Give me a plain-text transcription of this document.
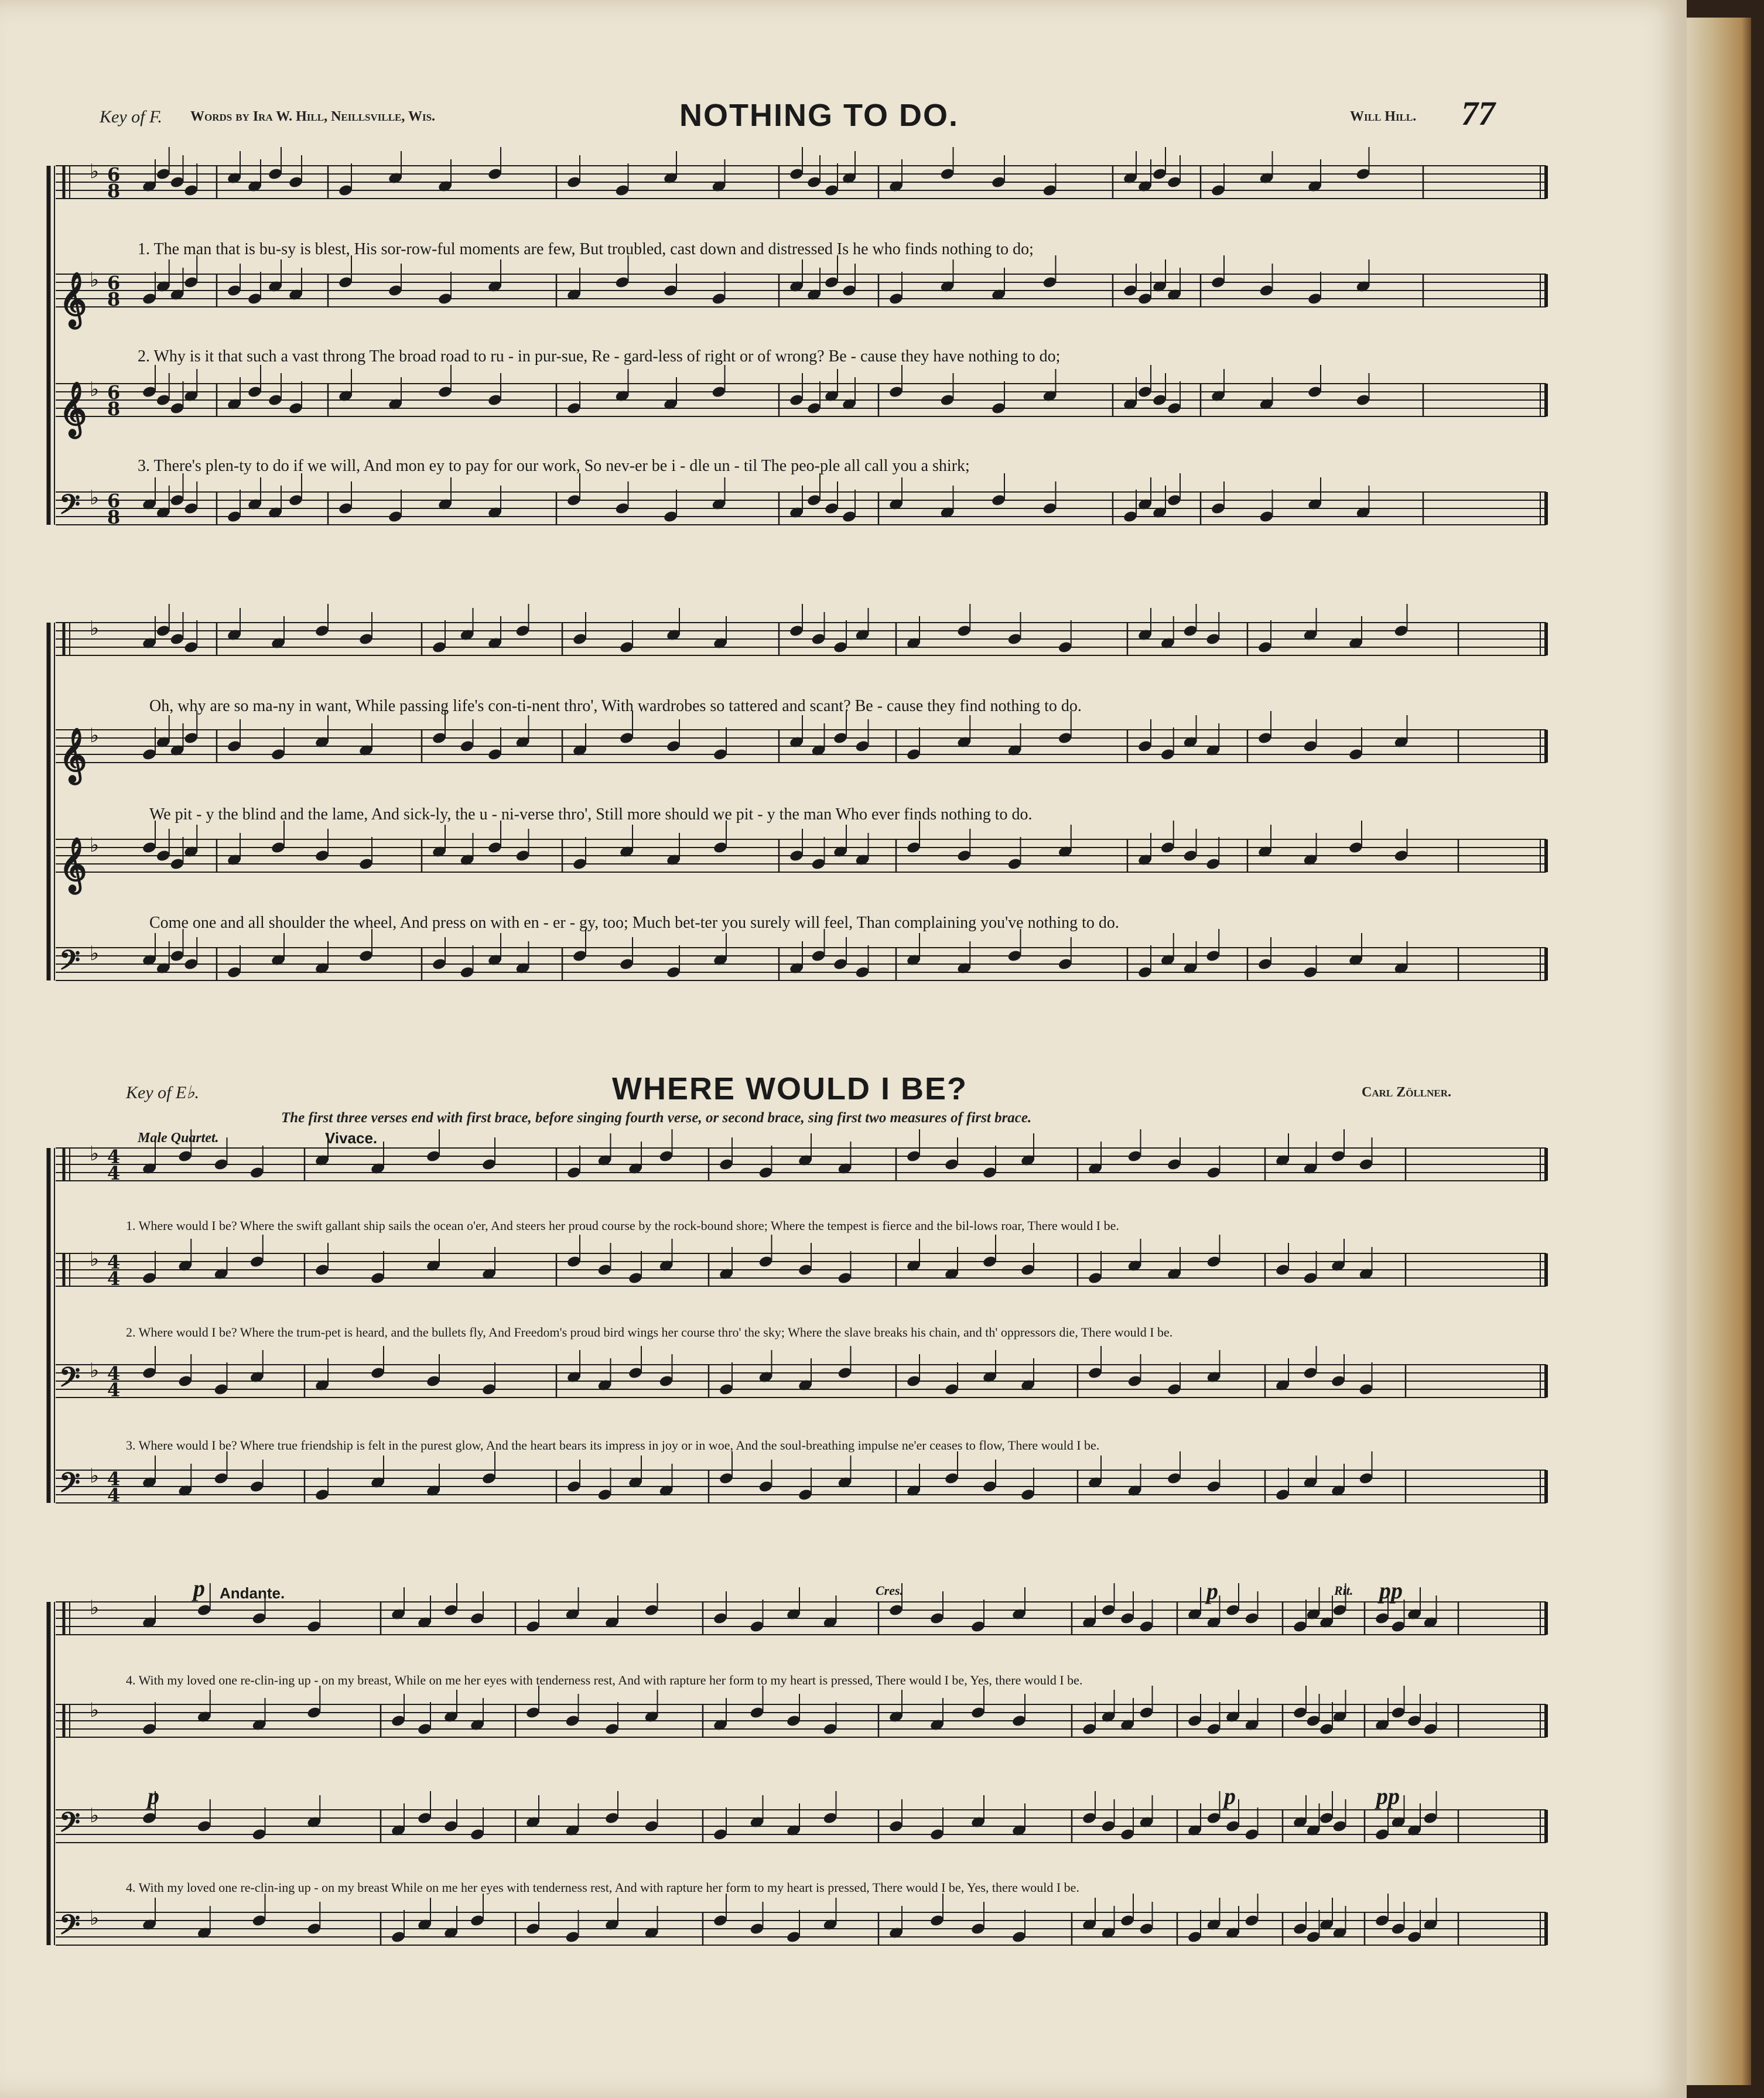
Key of F. Words by Ira W. Hill, Neillsville, Wis.	NOTHING TO DO.	Will Hill. 77
♭ 6
8
𝄞 ♭ 6
8
𝄞 ♭ 6
8
𝄢 ♭ 6
8
♭
𝄞 ♭
𝄞 ♭
𝄢 ♭
♭ 4
4
♭ 4
4
𝄢 ♭ 4
4
𝄢 ♭ 4
4
♭
♭
𝄢 ♭
𝄢 ♭
1. The man that is bu-sy is blest, His sor-row-ful moments are few, But troubled, cast down and distressed Is he who finds nothing to do;
2. Why is it that such a vast throng The broad road to ru - in pur-sue, Re - gard-less of right or of wrong? Be - cause they have nothing to do;
3. There's plen-ty to do if we will, And mon ey to pay for our work, So nev-er be i - dle un - til The peo-ple all call you a shirk;
Oh, why are so ma-ny in want, While passing life's con-ti-nent thro', With wardrobes so tattered and scant? Be - cause they find nothing to do.
We pit - y the blind and the lame, And sick-ly, the u - ni-verse thro', Still more should we pit - y the man Who ever finds nothing to do.
Come one and all shoulder the wheel, And press on with en - er - gy, too; Much bet-ter you surely will feel, Than complaining you've nothing to do.
Key of E♭.	WHERE WOULD I BE?	Carl Zöllner.
The first three verses end with first brace, before singing fourth verse, or second brace, sing first two measures of first brace.
Male Quartet.	Vivace.
1. Where would I be? Where the swift gallant ship sails the ocean o'er, And steers her proud course by the rock-bound shore; Where the tempest is fierce and the bil-lows roar, There would I be.
2. Where would I be? Where the trum-pet is heard, and the bullets fly, And Freedom's proud bird wings her course thro' the sky; Where the slave breaks his chain, and th' oppressors die, There would I be.
3. Where would I be? Where true friendship is felt in the purest glow, And the heart bears its impress in joy or in woe, And the soul-breathing impulse ne'er ceases to flow, There would I be.
Andante.
p	Cres.	p	Rit. pp
p	p	pp
4. With my loved one re-clin-ing up - on my breast, While on me her eyes with tenderness rest, And with rapture her form to my heart is pressed, There would I be, Yes, there would I be.
4. With my loved one re-clin-ing up - on my breast While on me her eyes with tenderness rest, And with rapture her form to my heart is pressed, There would I be, Yes, there would I be.
